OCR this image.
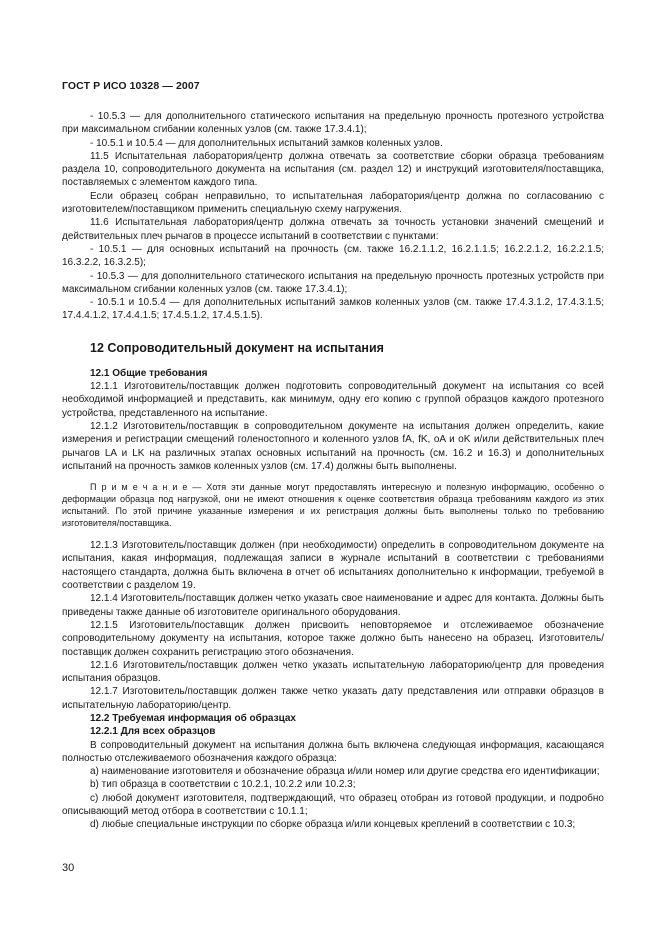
ГОСТ Р ИСО 10328 — 2007

- 10.5.3 — для дополнительного статического испытания на предельную прочность протезного устройства при максимальном сгибании коленных узлов (см. также 17.3.4.1);

- 10.5.1 и 10.5.4 — для дополнительных испытаний замков коленных узлов.

11.5 Испытательная лаборатория/центр должна отвечать за соответствие сборки образца требованиям раздела 10, сопроводительного документа на испытания (см. раздел 12) и инструкций изготовителя/поставщика, поставляемых с элементом каждого типа.

Если образец собран неправильно, то испытательная лаборатория/центр должна по согласованию с изготовителем/поставщиком применить специальную схему нагружения.

11.6 Испытательная лаборатория/центр должна отвечать за точность установки значений смещений и действительных плеч рычагов в процессе испытаний в соответствии с пунктами:

- 10.5.1 — для основных испытаний на прочность (см. также 16.2.1.1.2, 16.2.1.1.5; 16.2.2.1.2, 16.2.2.1.5; 16.3.2.2, 16.3.2.5);

- 10.5.3 — для дополнительного статического испытания на предельную прочность протезных устройств при максимальном сгибании коленных узлов (см. также 17.3.4.1);

- 10.5.1 и 10.5.4 — для дополнительных испытаний замков коленных узлов (см. также 17.4.3.1.2, 17.4.3.1.5; 17.4.4.1.2, 17.4.4.1.5; 17.4.5.1.2, 17.4.5.1.5).

12 Сопроводительный документ на испытания
12.1 Общие требования

12.1.1 Изготовитель/поставщик должен подготовить сопроводительный документ на испытания со всей необходимой информацией и представить, как минимум, одну его копию с группой образцов каждого протезного устройства, представленного на испытание.

12.1.2 Изготовитель/поставщик в сопроводительном документе на испытания должен определить, какие измерения и регистрации смещений голеностопного и коленного узлов fA, fK, oA и oK и/или действительных плеч рычагов LA и LK на различных этапах основных испытаний на прочность (см. 16.2 и 16.3) и дополнительных испытаний на прочность замков коленных узлов (см. 17.4) должны быть выполнены.

П р и м е ч а н и е — Хотя эти данные могут предоставлять интересную и полезную информацию, особенно о деформации образца под нагрузкой, они не имеют отношения к оценке соответствия образца требованиям каждого из этих испытаний. По этой причине указанные измерения и их регистрация должны быть выполнены только по требованию изготовителя/поставщика.

12.1.3 Изготовитель/поставщик должен (при необходимости) определить в сопроводительном документе на испытания, какая информация, подлежащая записи в журнале испытаний в соответствии с требованиями настоящего стандарта, должна быть включена в отчет об испытаниях дополнительно к информации, требуемой в соответствии с разделом 19.

12.1.4 Изготовитель/поставщик должен четко указать свое наименование и адрес для контакта. Должны быть приведены также данные об изготовителе оригинального оборудования.

12.1.5 Изготовитель/поставщик должен присвоить неповторяемое и отслеживаемое обозначение сопроводительному документу на испытания, которое также должно быть нанесено на образец. Изготовитель/поставщик должен сохранить регистрацию этого обозначения.

12.1.6 Изготовитель/поставщик должен четко указать испытательную лабораторию/центр для проведения испытания образцов.

12.1.7 Изготовитель/поставщик должен также четко указать дату представления или отправки образцов в испытательную лабораторию/центр.

12.2 Требуемая информация об образцах
12.2.1 Для всех образцов

В сопроводительный документ на испытания должна быть включена следующая информация, касающаяся полностью отслеживаемого обозначения каждого образца:

а) наименование изготовителя и обозначение образца и/или номер или другие средства его идентификации;

b) тип образца в соответствии с 10.2.1, 10.2.2 или 10.2.3;

c) любой документ изготовителя, подтверждающий, что образец отобран из готовой продукции, и подробно описывающий метод отбора в соответствии с 10.1.1;

d) любые специальные инструкции по сборке образца и/или концевых креплений в соответствии с 10.3;

30
